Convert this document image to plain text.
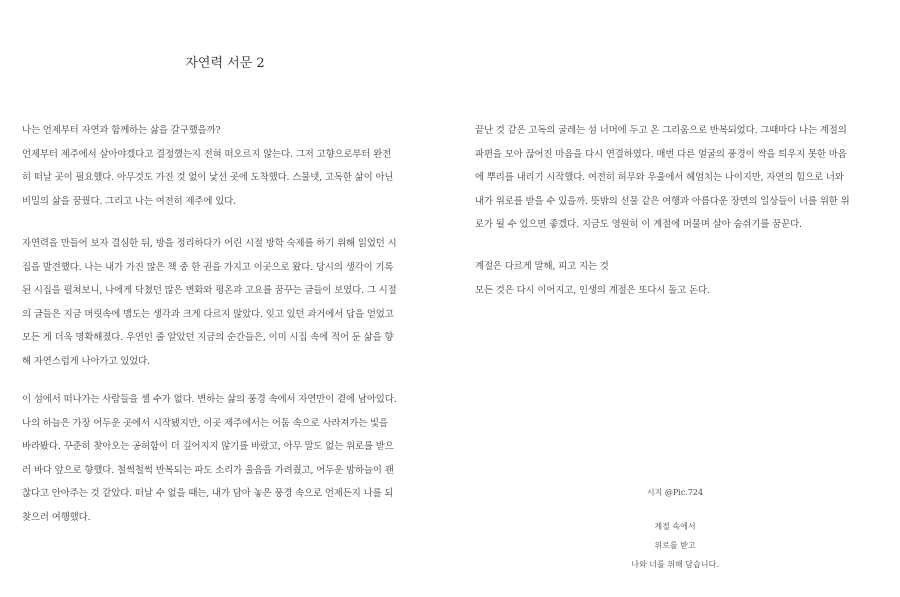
자연력 서문 2

나는 언제부터 자연과 함께하는 삶을 갈구했을까?
언제부터 제주에서 살아야겠다고 결정했는지 전혀 떠오르지 않는다. 그저 고향으로부터 완전
히 떠날 곳이 필요했다. 아무것도 가진 것 없이 낯선 곳에 도착했다. 스물넷, 고독한 삶이 아닌
비밀의 삶을 꿈꿨다. 그리고 나는 여전히 제주에 있다.

자연력을 만들어 보자 결심한 뒤, 방을 정리하다가 어린 시절 방학 숙제를 하기 위해 읽었던 시
집을 발견했다. 나는 내가 가진 많은 책 중 한 권을 가지고 이곳으로 왔다. 당시의 생각이 기록
된 시집을 펼쳐보니, 나에게 닥쳤던 많은 변화와 평온과 고요를 꿈꾸는 글들이 보였다. 그 시절
의 글들은 지금 머릿속에 맴도는 생각과 크게 다르지 않았다. 잊고 있던 과거에서 답을 얻었고
모든 게 더욱 명확해졌다. 우연인 줄 알았던 지금의 순간들은, 이미 시집 속에 적어 둔 삶을 향
해 자연스럽게 나아가고 있었다.

이 섬에서 떠나가는 사람들을 셀 수가 없다. 변하는 삶의 풍경 속에서 자연만이 곁에 남아있다.
나의 하늘은 가장 어두운 곳에서 시작됐지만, 이곳 제주에서는 어둠 속으로 사라져가는 빛을
바라봤다. 꾸준히 찾아오는 공허함이 더 깊어지지 않기를 바랐고, 아무 말도 없는 위로를 받으
러 바다 앞으로 향했다. 철썩철썩 반복되는 파도 소리가 울음을 가려줬고, 어두운 밤하늘이 괜
찮다고 안아주는 것 같았다. 떠날 수 없을 때는, 내가 담아 놓은 풍경 속으로 언제든지 나를 되
찾으러 여행했다.

끝난 것 같은 고독의 굴레는 섬 너머에 두고 온 그리움으로 반복되었다. 그때마다 나는 계절의
파편을 모아 끊어진 마음을 다시 연결하였다. 매번 다른 얼굴의 풍경이 싹을 틔우지 못한 마음
에 뿌리를 내리기 시작했다. 여전히 허무와 우울에서 헤엄치는 나이지만, 자연의 힘으로 너와
내가 위로를 받을 수 있을까. 뜻밖의 선물 같은 여행과 아름다운 장면의 일상들이 너를 위한 위
로가 될 수 있으면 좋겠다. 지금도 영원히 이 계절에 머물며 살아 숨쉬기를 꿈꾼다.

계절은 다르게 말해, 피고 지는 것
모든 것은 다시 이어지고, 인생의 계절은 또다시 돌고 돈다.

시지 @Pic.724
계절 속에서
위로를 받고
나와 너를 위해 담습니다.
